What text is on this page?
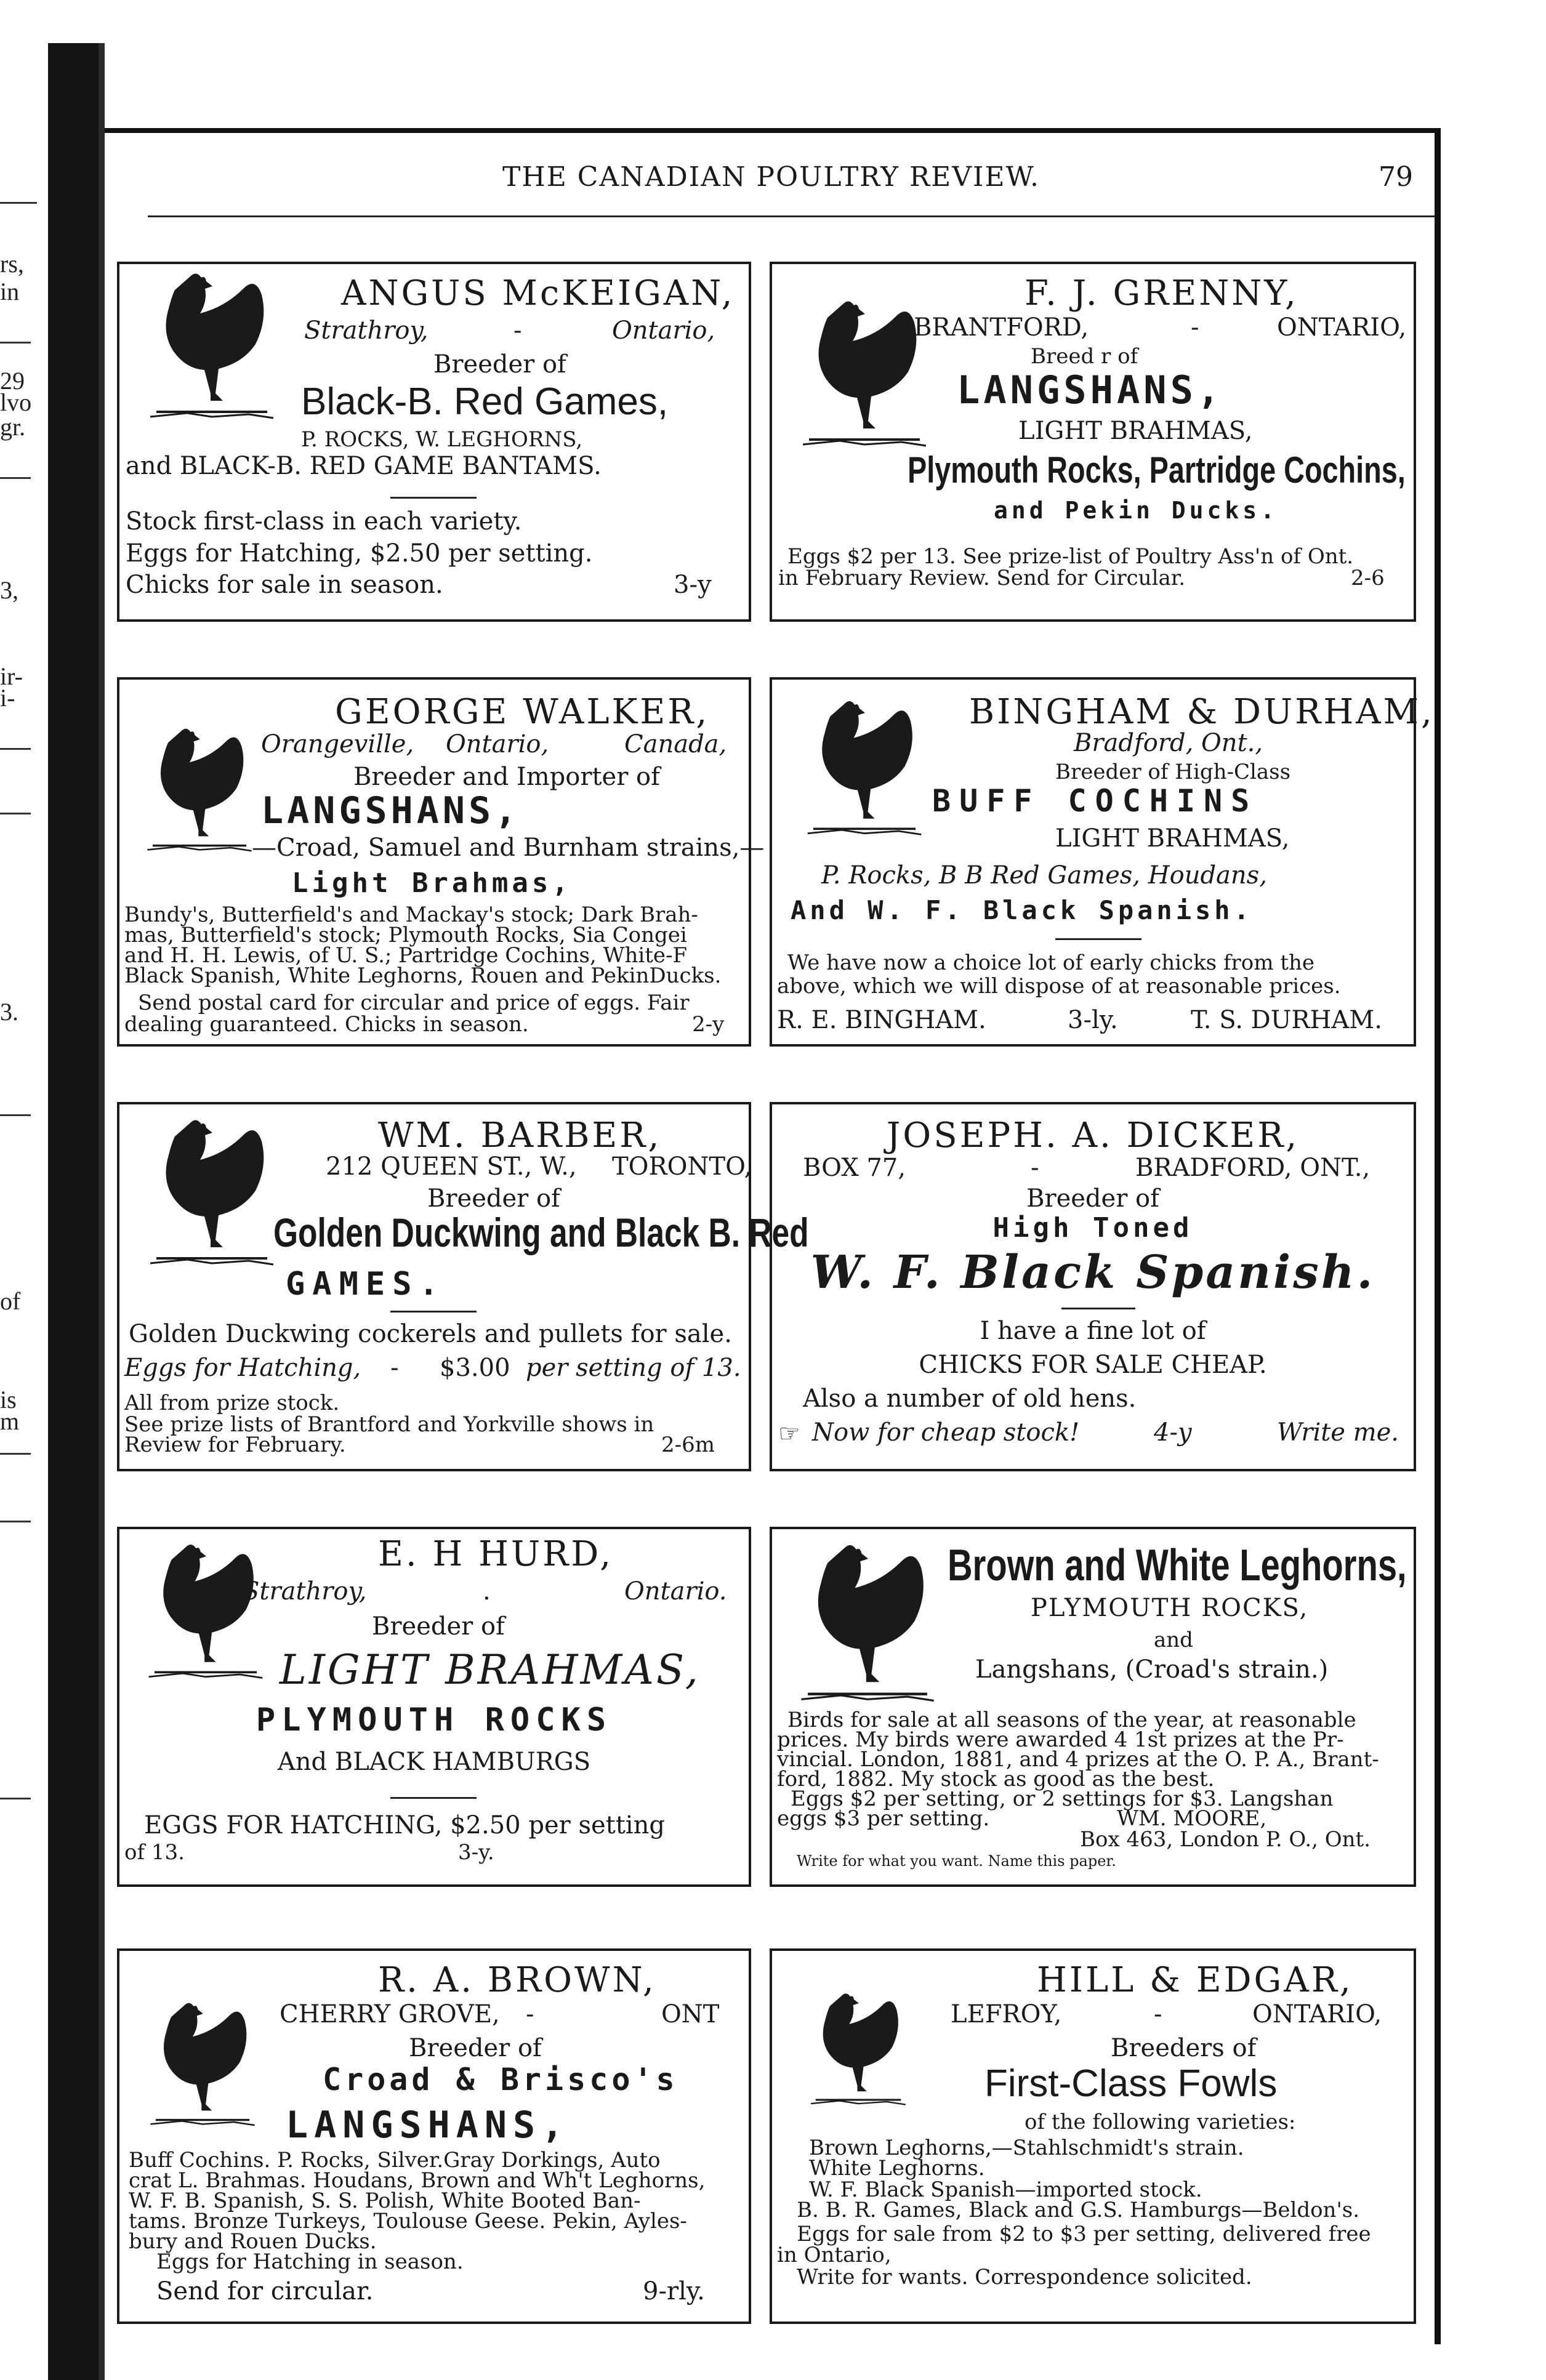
rs,
in
29
lvo
gr.
3,
ir-
i-
3.
of
is
m
THE CANADIAN POULTRY REVIEW.	79
ANGUS McKEIGAN,
Strathroy,	-	Ontario,
Breeder of
Black-B. Red Games,
P. ROCKS, W. LEGHORNS,
and BLACK-B. RED GAME BANTAMS.
Stock first-class in each variety.
Eggs for Hatching, $2.50 per setting.
Chicks for sale in season.	3-y
F. J. GRENNY,
BRANTFORD,	-	ONTARIO,
Breed r of
LANGSHANS,
LIGHT BRAHMAS,
Plymouth Rocks, Partridge Cochins,
and Pekin Ducks.
Eggs $2 per 13. See prize-list of Poultry Ass'n of Ont.
in February Review. Send for Circular.	2-6
GEORGE WALKER,
Orangeville, Ontario,	Canada,
Breeder and Importer of
LANGSHANS,
—Croad, Samuel and Burnham strains,—
Light Brahmas,
Bundy's, Butterfield's and Mackay's stock; Dark Brah-
mas, Butterfield's stock; Plymouth Rocks, Sia Congei
and H. H. Lewis, of U. S.; Partridge Cochins, White-F
Black Spanish, White Leghorns, Rouen and PekinDucks.
Send postal card for circular and price of eggs. Fair
dealing guaranteed. Chicks in season.	2-y
BINGHAM & DURHAM,
Bradford, Ont.,
Breeder of High-Class
BUFF COCHINS
LIGHT BRAHMAS,
P. Rocks, B B Red Games, Houdans,
And W. F. Black Spanish.
We have now a choice lot of early chicks from the
above, which we will dispose of at reasonable prices.
R. E. BINGHAM.	3-ly.	T. S. DURHAM.
WM. BARBER,
212 QUEEN ST., W., TORONTO,
Breeder of
Golden Duckwing and Black B. Red
GAMES.
Golden Duckwing cockerels and pullets for sale.
Eggs for Hatching, - $3.00 per setting of 13.
All from prize stock.
See prize lists of Brantford and Yorkville shows in
Review for February.	2-6m
JOSEPH. A. DICKER,
BOX 77,	-	BRADFORD, ONT.,
Breeder of
High Toned
W. F. Black Spanish.
I have a fine lot of
CHICKS FOR SALE CHEAP.
Also a number of old hens.
☞ Now for cheap stock!	4-y	Write me.
E. H HURD,
Strathroy,	.	Ontario.
Breeder of
LIGHT BRAHMAS,
PLYMOUTH ROCKS
And BLACK HAMBURGS
EGGS FOR HATCHING, $2.50 per setting
of 13.	3-y.
Brown and White Leghorns,
PLYMOUTH ROCKS,
and
Langshans, (Croad's strain.)
Birds for sale at all seasons of the year, at reasonable
prices. My birds were awarded 4 1st prizes at the Pr-
vincial. London, 1881, and 4 prizes at the O. P. A., Brant-
ford, 1882. My stock as good as the best.
Eggs $2 per setting, or 2 settings for $3. Langshan
eggs $3 per setting.	WM. MOORE,
Box 463, London P. O., Ont.
Write for what you want. Name this paper.
R. A. BROWN,
CHERRY GROVE, -	ONT
Breeder of
Croad & Brisco's
LANGSHANS,
Buff Cochins. P. Rocks, Silver.Gray Dorkings, Auto
crat L. Brahmas. Houdans, Brown and Wh't Leghorns,
W. F. B. Spanish, S. S. Polish, White Booted Ban-
tams. Bronze Turkeys, Toulouse Geese. Pekin, Ayles-
bury and Rouen Ducks.
Eggs for Hatching in season.
Send for circular.	9-rly.
HILL & EDGAR,
LEFROY,	-	ONTARIO,
Breeders of
First-Class Fowls
of the following varieties:
Brown Leghorns,—Stahlschmidt's strain.
White Leghorns.
W. F. Black Spanish—imported stock.
B. B. R. Games, Black and G.S. Hamburgs—Beldon's.
Eggs for sale from $2 to $3 per setting, delivered free
in Ontario,
Write for wants. Correspondence solicited.
